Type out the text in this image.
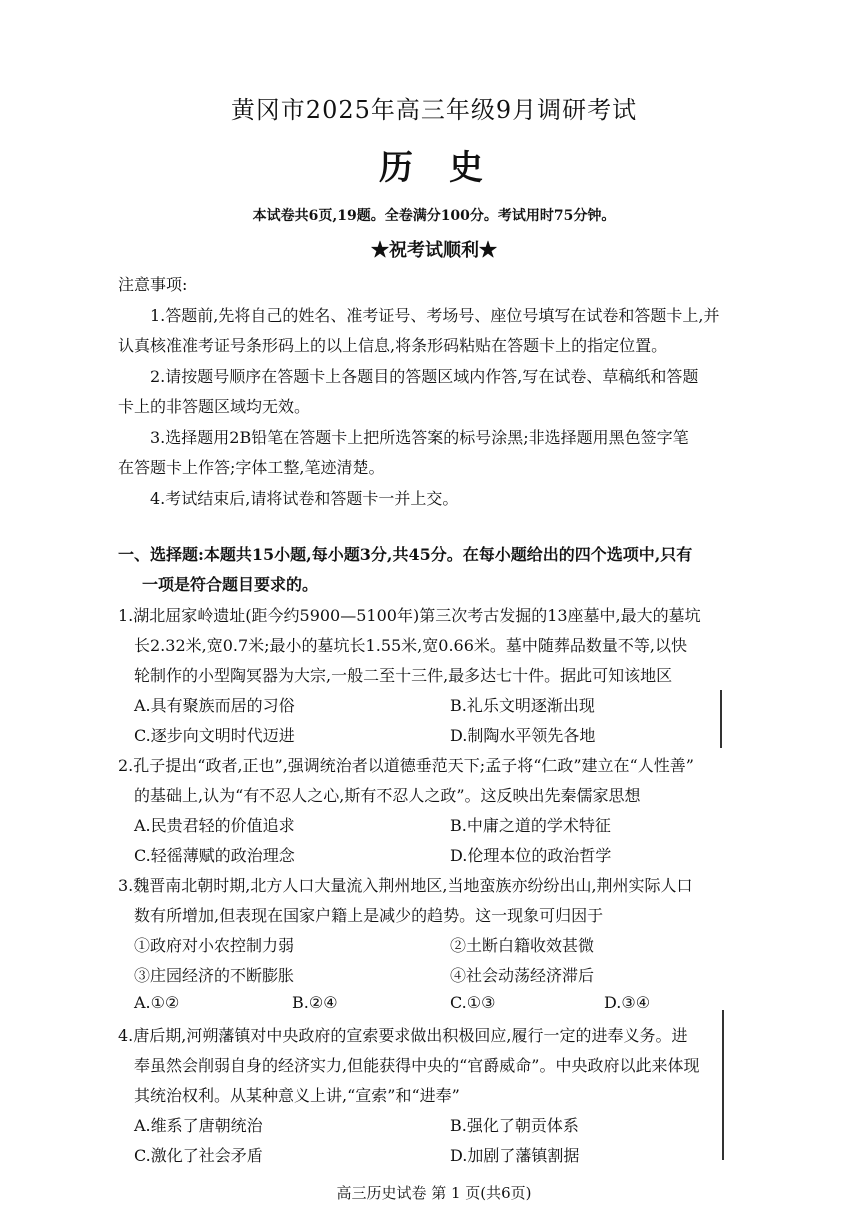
黄冈市2025年高三年级9月调研考试
历史
本试卷共6页,19题。全卷满分100分。考试用时75分钟。
★祝考试顺利★
注意事项:
1.答题前,先将自己的姓名、准考证号、考场号、座位号填写在试卷和答题卡上,并
认真核准准考证号条形码上的以上信息,将条形码粘贴在答题卡上的指定位置。
2.请按题号顺序在答题卡上各题目的答题区域内作答,写在试卷、草稿纸和答题
卡上的非答题区域均无效。
3.选择题用2B铅笔在答题卡上把所选答案的标号涂黑;非选择题用黑色签字笔
在答题卡上作答;字体工整,笔迹清楚。
4.考试结束后,请将试卷和答题卡一并上交。
一、选择题:本题共15小题,每小题3分,共45分。在每小题给出的四个选项中,只有
一项是符合题目要求的。
1.湖北屈家岭遗址(距今约5900—5100年)第三次考古发掘的13座墓中,最大的墓坑
长2.32米,宽0.7米;最小的墓坑长1.55米,宽0.66米。墓中随葬品数量不等,以快
轮制作的小型陶冥器为大宗,一般二至十三件,最多达七十件。据此可知该地区
A.具有聚族而居的习俗	B.礼乐文明逐渐出现
C.逐步向文明时代迈进	D.制陶水平领先各地
2.孔子提出“政者,正也”,强调统治者以道德垂范天下;孟子将“仁政”建立在“人性善”
的基础上,认为“有不忍人之心,斯有不忍人之政”。这反映出先秦儒家思想
A.民贵君轻的价值追求	B.中庸之道的学术特征
C.轻徭薄赋的政治理念	D.伦理本位的政治哲学
3.魏晋南北朝时期,北方人口大量流入荆州地区,当地蛮族亦纷纷出山,荆州实际人口
数有所增加,但表现在国家户籍上是减少的趋势。这一现象可归因于
①政府对小农控制力弱	②土断白籍收效甚微
③庄园经济的不断膨胀	④社会动荡经济滞后
A.①②	B.②④	C.①③	D.③④
4.唐后期,河朔藩镇对中央政府的宣索要求做出积极回应,履行一定的进奉义务。进
奉虽然会削弱自身的经济实力,但能获得中央的“官爵威命”。中央政府以此来体现
其统治权利。从某种意义上讲,“宣索”和“进奉”
A.维系了唐朝统治	B.强化了朝贡体系
C.激化了社会矛盾	D.加剧了藩镇割据
高三历史试卷 第 1 页(共6页)
